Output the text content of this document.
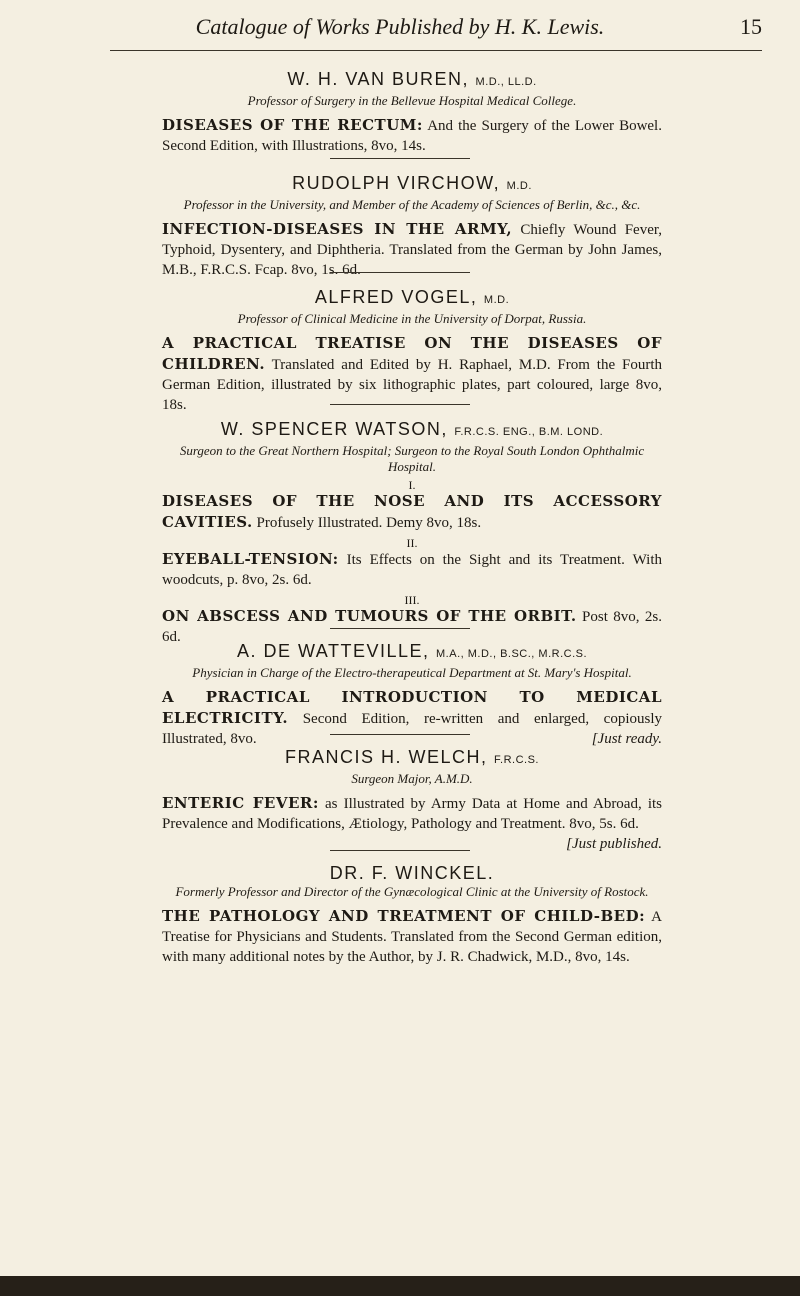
Catalogue of Works Published by H. K. Lewis.	15
W. H. VAN BUREN, M.D., LL.D.
Professor of Surgery in the Bellevue Hospital Medical College.
DISEASES OF THE RECTUM: And the Surgery of the Lower Bowel. Second Edition, with Illustrations, 8vo, 14s.
RUDOLPH VIRCHOW, M.D.
Professor in the University, and Member of the Academy of Sciences of Berlin, &c., &c.
INFECTION-DISEASES IN THE ARMY, Chiefly Wound Fever, Typhoid, Dysentery, and Diphtheria. Translated from the German by John James, M.B., F.R.C.S. Fcap. 8vo, 1s. 6d.
ALFRED VOGEL, M.D.
Professor of Clinical Medicine in the University of Dorpat, Russia.
A PRACTICAL TREATISE ON THE DISEASES OF CHILDREN. Translated and Edited by H. Raphael, M.D. From the Fourth German Edition, illustrated by six lithographic plates, part coloured, large 8vo, 18s.
W. SPENCER WATSON, F.R.C.S. ENG., B.M. LOND.
Surgeon to the Great Northern Hospital; Surgeon to the Royal South London Ophthalmic Hospital.
I.
DISEASES OF THE NOSE AND ITS ACCESSORY CAVITIES. Profusely Illustrated. Demy 8vo, 18s.
II.
EYEBALL-TENSION: Its Effects on the Sight and its Treatment. With woodcuts, p. 8vo, 2s. 6d.
III.
ON ABSCESS AND TUMOURS OF THE ORBIT. Post 8vo, 2s. 6d.
A. DE WATTEVILLE, M.A., M.D., B.SC., M.R.C.S.
Physician in Charge of the Electro-therapeutical Department at St. Mary's Hospital.
A PRACTICAL INTRODUCTION TO MEDICAL ELECTRICITY. Second Edition, re-written and enlarged, copiously Illustrated, 8vo.	[Just ready.
FRANCIS H. WELCH, F.R.C.S.
Surgeon Major, A.M.D.
ENTERIC FEVER: as Illustrated by Army Data at Home and Abroad, its Prevalence and Modifications, Ætiology, Pathology and Treatment. 8vo, 5s. 6d.
[Just published.
DR. F. WINCKEL.
Formerly Professor and Director of the Gynæcological Clinic at the University of Rostock.
THE PATHOLOGY AND TREATMENT OF CHILD-BED: A Treatise for Physicians and Students. Translated from the Second German edition, with many additional notes by the Author, by J. R. Chadwick, M.D., 8vo, 14s.
